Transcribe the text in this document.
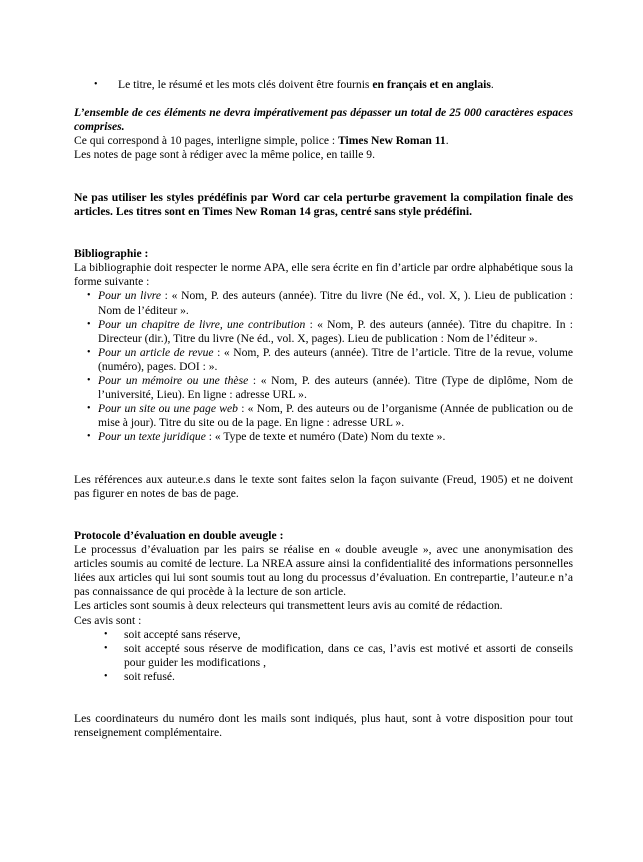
• Le titre, le résumé et les mots clés doivent être fournis en français et en anglais.

L’ensemble de ces éléments ne devra impérativement pas dépasser un total de 25 000 caractères espaces comprises.

Ce qui correspond à 10 pages, interligne simple, police : Times New Roman 11.

Les notes de page sont à rédiger avec la même police, en taille 9.

Ne pas utiliser les styles prédéfinis par Word car cela perturbe gravement la compilation finale des articles. Les titres sont en Times New Roman 14 gras, centré sans style prédéfini.

Bibliographie :

La bibliographie doit respecter le norme APA, elle sera écrite en fin d’article par ordre alphabétique sous la forme suivante :

• Pour un livre : « Nom, P. des auteurs (année). Titre du livre (Ne éd., vol. X, ). Lieu de publication : Nom de l’éditeur ».
• Pour un chapitre de livre, une contribution : « Nom, P. des auteurs (année). Titre du chapitre. In : Directeur (dir.), Titre du livre (Ne éd., vol. X, pages). Lieu de publication : Nom de l’éditeur ».
• Pour un article de revue : « Nom, P. des auteurs (année). Titre de l’article. Titre de la revue, volume (numéro), pages. DOI : ».
• Pour un mémoire ou une thèse : « Nom, P. des auteurs (année). Titre (Type de diplôme, Nom de l’université, Lieu). En ligne : adresse URL ».
• Pour un site ou une page web : « Nom, P. des auteurs ou de l’organisme (Année de publication ou de mise à jour). Titre du site ou de la page. En ligne : adresse URL ».
• Pour un texte juridique : « Type de texte et numéro (Date) Nom du texte ».

Les références aux auteur.e.s dans le texte sont faites selon la façon suivante (Freud, 1905) et ne doivent pas figurer en notes de bas de page.

Protocole d’évaluation en double aveugle :

Le processus d’évaluation par les pairs se réalise en « double aveugle », avec une anonymisation des articles soumis au comité de lecture. La NREA assure ainsi la confidentialité des informations personnelles liées aux articles qui lui sont soumis tout au long du processus d’évaluation. En contrepartie, l’auteur.e n’a pas connaissance de qui procède à la lecture de son article.

Les articles sont soumis à deux relecteurs qui transmettent leurs avis au comité de rédaction.

Ces avis sont :

• soit accepté sans réserve,
• soit accepté sous réserve de modification, dans ce cas, l’avis est motivé et assorti de conseils pour guider les modifications ,
• soit refusé.

Les coordinateurs du numéro dont les mails sont indiqués, plus haut, sont à votre disposition pour tout renseignement complémentaire.
